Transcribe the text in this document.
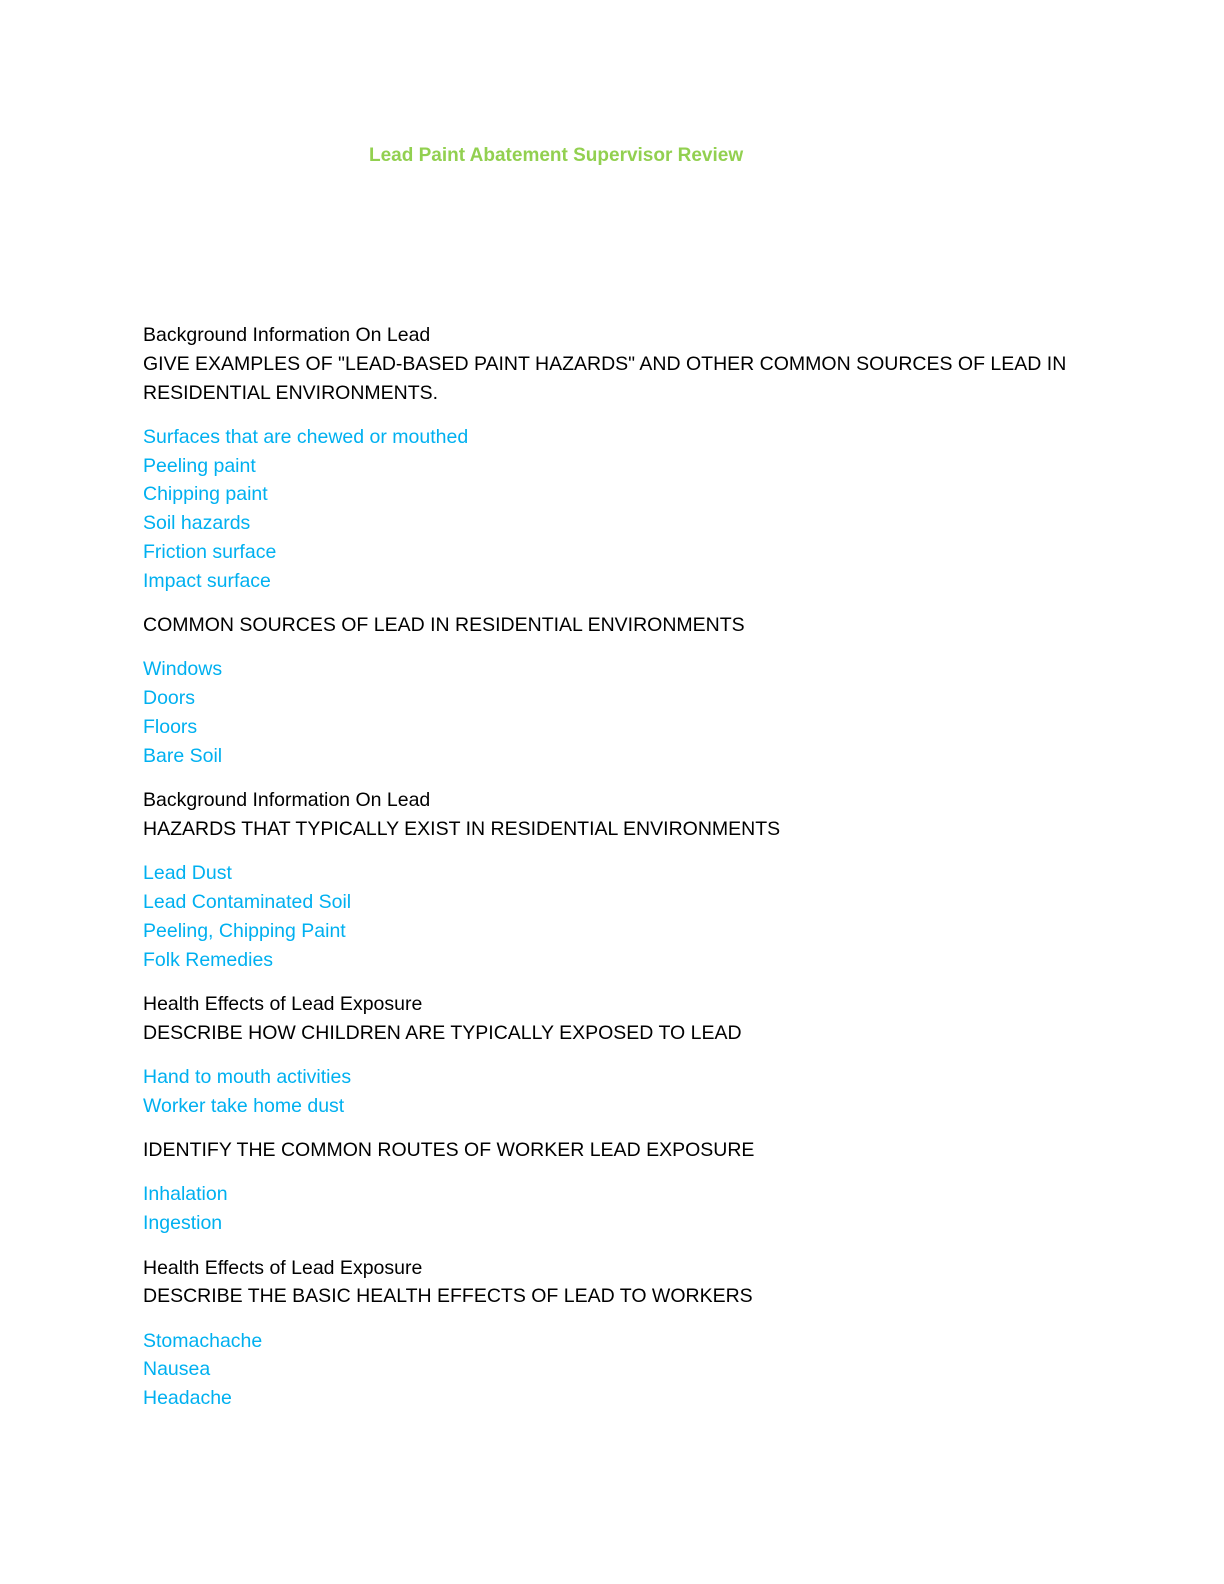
Lead Paint Abatement Supervisor Review
Background Information On Lead
GIVE EXAMPLES OF "LEAD-BASED PAINT HAZARDS" AND OTHER COMMON SOURCES OF LEAD IN
RESIDENTIAL ENVIRONMENTS.
Surfaces that are chewed or mouthed
Peeling paint
Chipping paint
Soil hazards
Friction surface
Impact surface
COMMON SOURCES OF LEAD IN RESIDENTIAL ENVIRONMENTS
Windows
Doors
Floors
Bare Soil
Background Information On Lead
HAZARDS THAT TYPICALLY EXIST IN RESIDENTIAL ENVIRONMENTS
Lead Dust
Lead Contaminated Soil
Peeling, Chipping Paint
Folk Remedies
Health Effects of Lead Exposure
DESCRIBE HOW CHILDREN ARE TYPICALLY EXPOSED TO LEAD
Hand to mouth activities
Worker take home dust
IDENTIFY THE COMMON ROUTES OF WORKER LEAD EXPOSURE
Inhalation
Ingestion
Health Effects of Lead Exposure
DESCRIBE THE BASIC HEALTH EFFECTS OF LEAD TO WORKERS
Stomachache
Nausea
Headache
